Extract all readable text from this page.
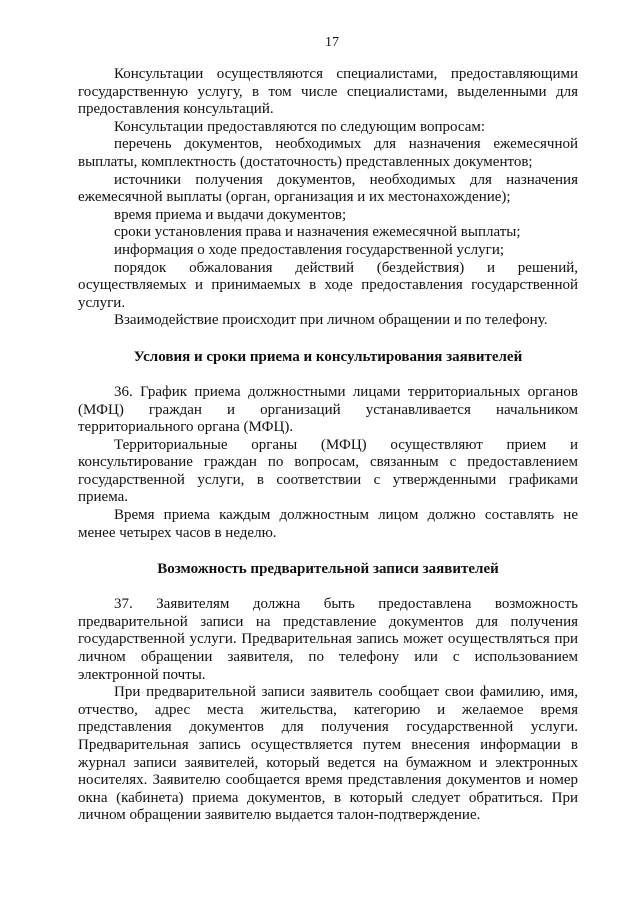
17

Консультации осуществляются специалистами, предоставляющими государственную услугу, в том числе специалистами, выделенными для предоставления консультаций.

Консультации предоставляются по следующим вопросам:

перечень документов, необходимых для назначения ежемесячной выплаты, комплектность (достаточность) представленных документов;

источники получения документов, необходимых для назначения ежемесячной выплаты (орган, организация и их местонахождение);

время приема и выдачи документов;

сроки установления права и назначения ежемесячной выплаты;

информация о ходе предоставления государственной услуги;

порядок обжалования действий (бездействия) и решений, осуществляемых и принимаемых в ходе предоставления государственной услуги.

Взаимодействие происходит при личном обращении и по телефону.

Условия и сроки приема и консультирования заявителей

36. График приема должностными лицами территориальных органов (МФЦ) граждан и организаций устанавливается начальником территориального органа (МФЦ).

Территориальные органы (МФЦ) осуществляют прием и консультирование граждан по вопросам, связанным с предоставлением государственной услуги, в соответствии с утвержденными графиками приема.

Время приема каждым должностным лицом должно составлять не менее четырех часов в неделю.

Возможность предварительной записи заявителей

37. Заявителям должна быть предоставлена возможность предварительной записи на представление документов для получения государственной услуги. Предварительная запись может осуществляться при личном обращении заявителя, по телефону или с использованием электронной почты.

При предварительной записи заявитель сообщает свои фамилию, имя, отчество, адрес места жительства, категорию и желаемое время представления документов для получения государственной услуги. Предварительная запись осуществляется путем внесения информации в журнал записи заявителей, который ведется на бумажном и электронных носителях. Заявителю сообщается время представления документов и номер окна (кабинета) приема документов, в который следует обратиться. При личном обращении заявителю выдается талон-подтверждение.
